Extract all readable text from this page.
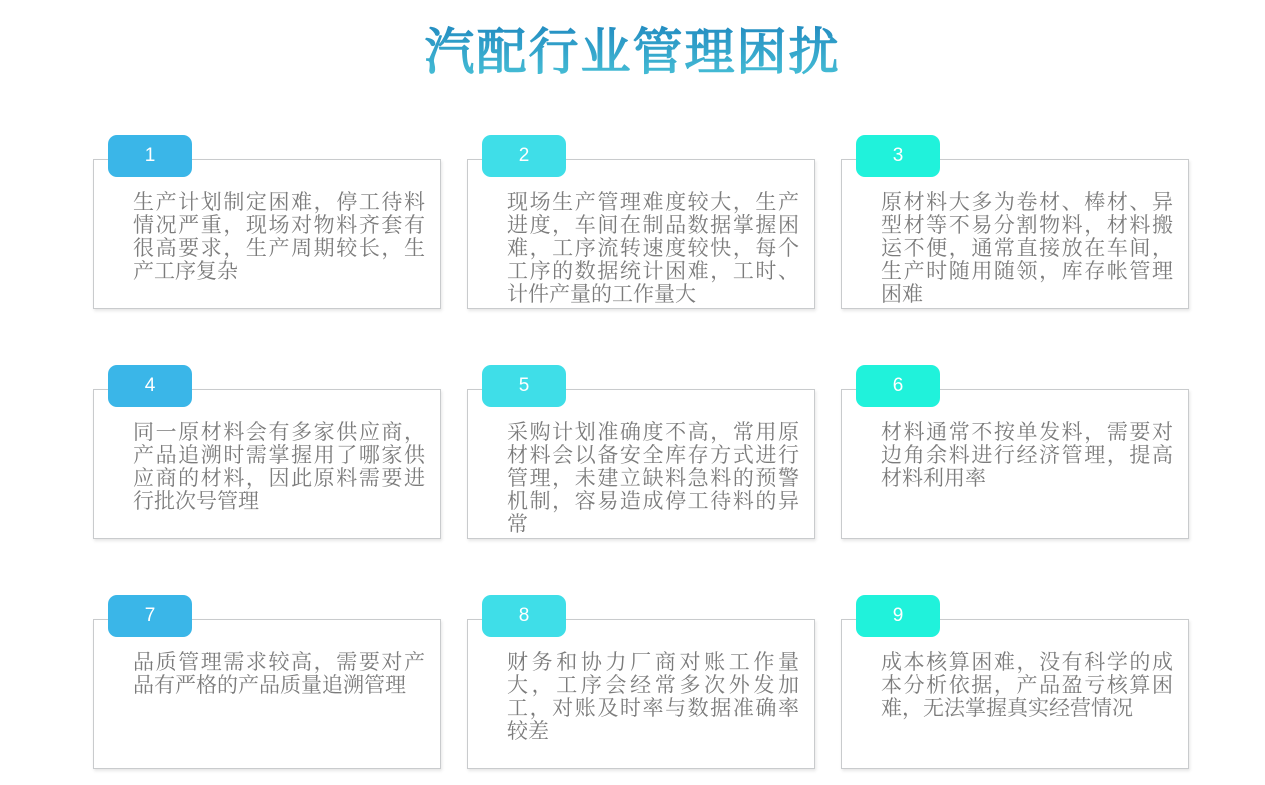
汽配行业管理困扰
1

生产计划制定困难，停工待料情况严重，现场对物料齐套有很高要求，生产周期较长，生产工序复杂

2

现场生产管理难度较大，生产进度，车间在制品数据掌握困难，工序流转速度较快，每个工序的数据统计困难，工时、计件产量的工作量大

3

原材料大多为卷材、棒材、异型材等不易分割物料，材料搬运不便，通常直接放在车间，生产时随用随领，库存帐管理困难

4

同一原材料会有多家供应商，产品追溯时需掌握用了哪家供应商的材料，因此原料需要进行批次号管理

5

采购计划准确度不高，常用原材料会以备安全库存方式进行管理，未建立缺料急料的预警机制，容易造成停工待料的异常

6

材料通常不按单发料，需要对边角余料进行经济管理，提高材料利用率

7

品质管理需求较高，需要对产品有严格的产品质量追溯管理

8

财务和协力厂商对账工作量大，工序会经常多次外发加工，对账及时率与数据准确率较差

9

成本核算困难，没有科学的成本分析依据，产品盈亏核算困难，无法掌握真实经营情况
